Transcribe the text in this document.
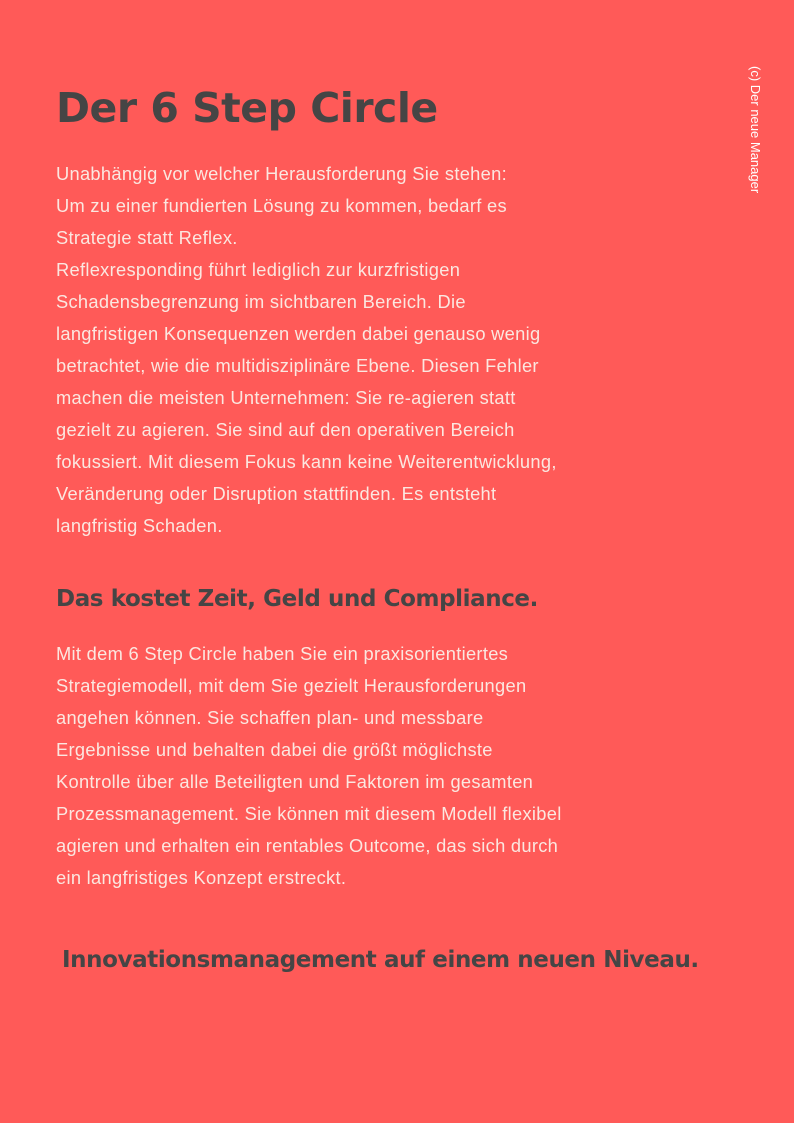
(c) Der neue Manager
Der 6 Step Circle

Unabhängig vor welcher Herausforderung Sie stehen:
Um zu einer fundierten Lösung zu kommen, bedarf es
Strategie statt Reflex.
Reflexresponding führt lediglich zur kurzfristigen
Schadensbegrenzung im sichtbaren Bereich. Die
langfristigen Konsequenzen werden dabei genauso wenig
betrachtet, wie die multidisziplinäre Ebene. Diesen Fehler
machen die meisten Unternehmen: Sie re-agieren statt
gezielt zu agieren. Sie sind auf den operativen Bereich
fokussiert. Mit diesem Fokus kann keine Weiterentwicklung,
Veränderung oder Disruption stattfinden. Es entsteht
langfristig Schaden.

Das kostet Zeit, Geld und Compliance.

Mit dem 6 Step Circle haben Sie ein praxisorientiertes
Strategiemodell, mit dem Sie gezielt Herausforderungen
angehen können. Sie schaffen plan- und messbare
Ergebnisse und behalten dabei die größt möglichste
Kontrolle über alle Beteiligten und Faktoren im gesamten
Prozessmanagement. Sie können mit diesem Modell flexibel
agieren und erhalten ein rentables Outcome, das sich durch
ein langfristiges Konzept erstreckt.

Innovationsmanagement auf einem neuen Niveau.
